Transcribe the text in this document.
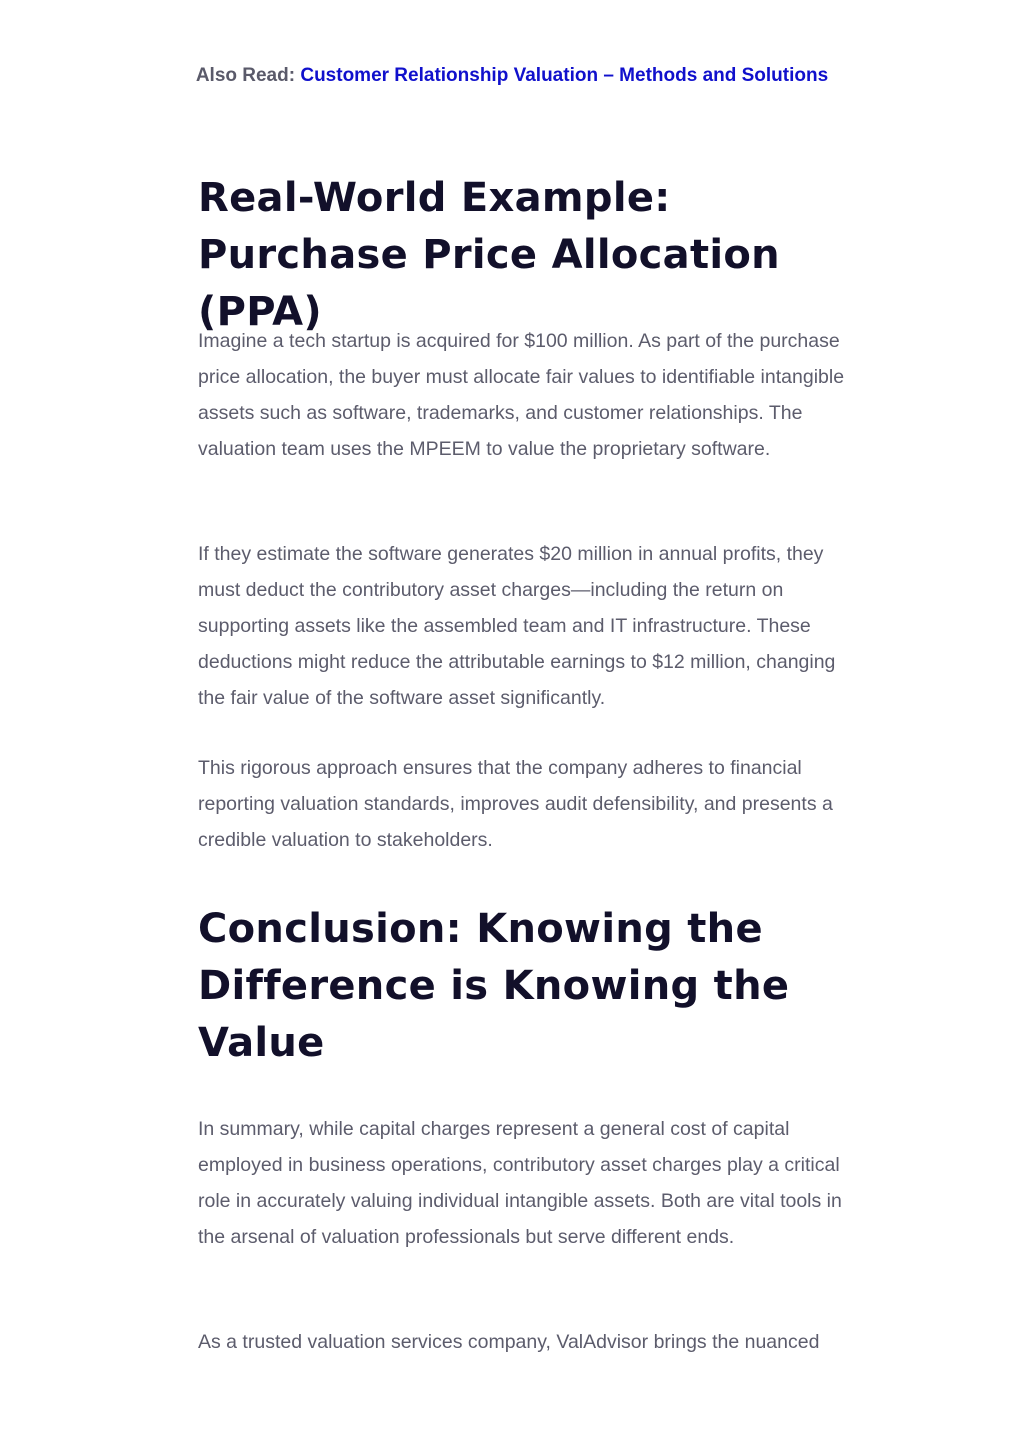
Also Read: Customer Relationship Valuation – Methods and Solutions
Real-World Example: Purchase Price Allocation (PPA)

Imagine a tech startup is acquired for $100 million. As part of the purchase price allocation, the buyer must allocate fair values to identifiable intangible assets such as software, trademarks, and customer relationships. The valuation team uses the MPEEM to value the proprietary software.

If they estimate the software generates $20 million in annual profits, they must deduct the contributory asset charges—including the return on supporting assets like the assembled team and IT infrastructure. These deductions might reduce the attributable earnings to $12 million, changing the fair value of the software asset significantly.

This rigorous approach ensures that the company adheres to financial reporting valuation standards, improves audit defensibility, and presents a credible valuation to stakeholders.

Conclusion: Knowing the Difference is Knowing the Value

In summary, while capital charges represent a general cost of capital employed in business operations, contributory asset charges play a critical role in accurately valuing individual intangible assets. Both are vital tools in the arsenal of valuation professionals but serve different ends.

As a trusted valuation services company, ValAdvisor brings the nuanced
